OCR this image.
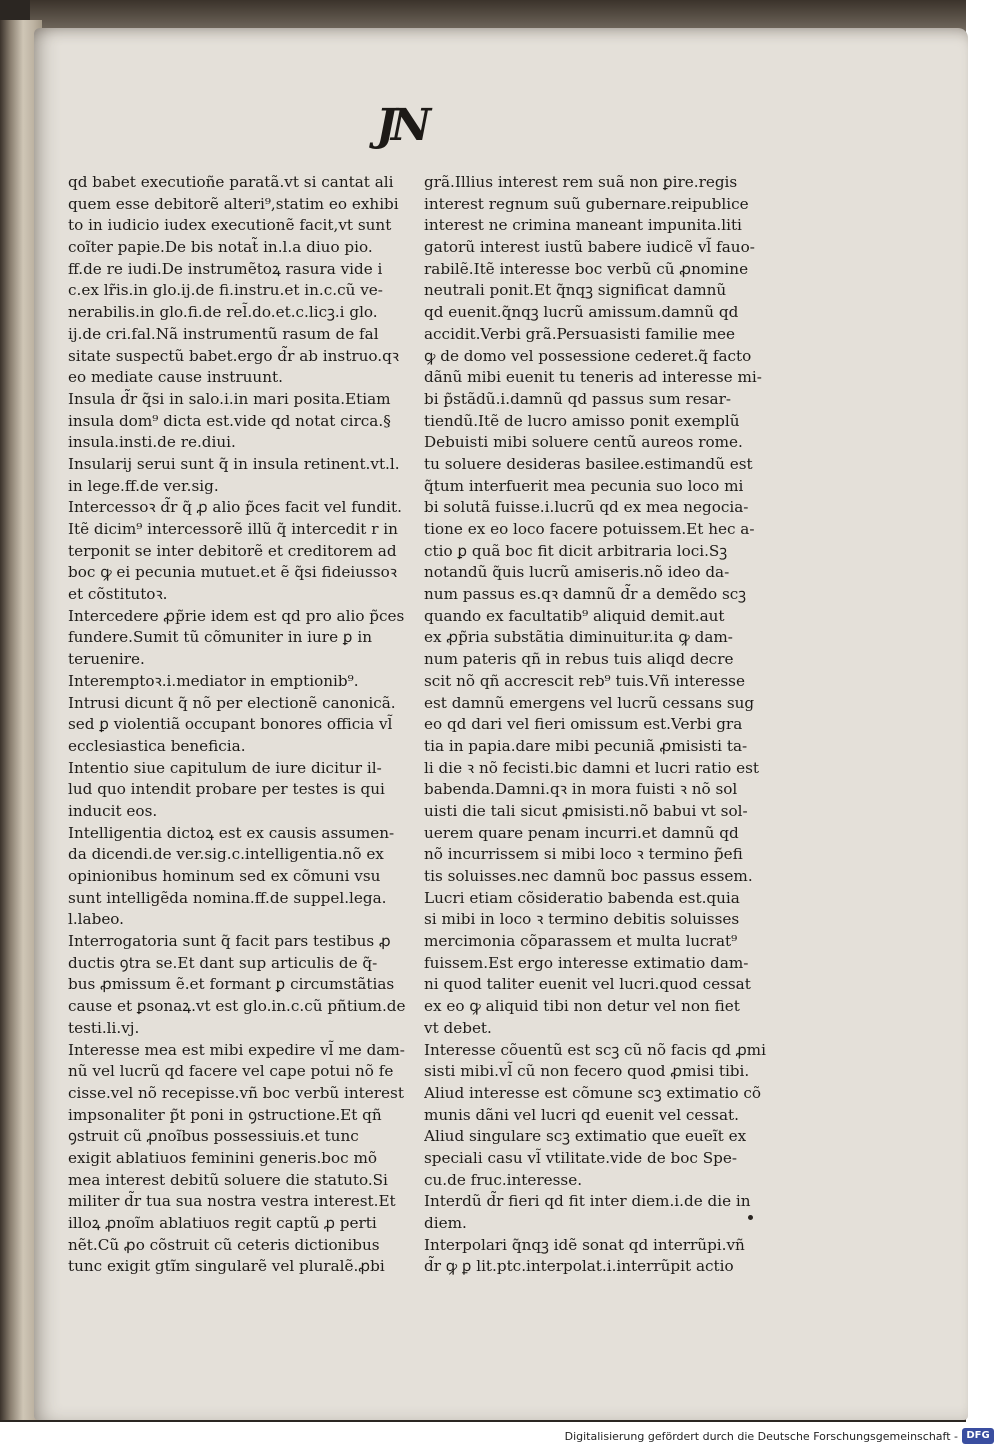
JN
qd babet executioñe paratã.vt si cantat ali
quem esse debitorẽ alteri⁹,statim eo exhibi
to in iudicio iudex executionẽ facit,vt sunt
coĩter papie.De bis notat̃ in.l.a diuo pio.
ff.de re iudi.De instrumẽtoꝝ rasura vide i
c.ex lr̃is.in glo.ij.de fi.instru.et in.c.cũ ve-
nerabilis.in glo.fi.de rel̃.do.et.c.licꝫ.i glo.
ij.de cri.fal.Nã instrumentũ rasum de fal
sitate suspectũ babet.ergo d̃r ab instruo.qꝛ
eo mediate cause instruunt.
Insula d̃r q̃si in salo.i.in mari posita.Etiam
insula dom⁹ dicta est.vide qd notat circa.§
insula.insti.de re.diui.
Insularij serui sunt q̃ in insula retinent.vt.l.
in lege.ff.de ver.sig.
Intercessoꝛ d̃r q̃ ꝓ alio p̃ces facit vel fundit.
Itẽ dicim⁹ intercessorẽ illũ q̃ intercedit r in
terponit se inter debitorẽ et creditorem ad
boc ꝙ ei pecunia mutuet.et ẽ q̃si fideiussoꝛ
et cõstitutoꝛ.
Intercedere ꝓp̃rie idem est qd pro alio p̃ces
fundere.Sumit tũ cõmuniter in iure ꝑ in
teruenire.
Interemptoꝛ.i.mediator in emptionib⁹.
Intrusi dicunt q̃ nõ per electionẽ canonicã.
sed ꝑ violentiã occupant bonores officia vl̃
ecclesiastica beneficia.
Intentio siue capitulum de iure dicitur il-
lud quo intendit probare per testes is qui
inducit eos.
Intelligentia dictoꝝ est ex causis assumen-
da dicendi.de ver.sig.c.intelligentia.nõ ex
opinionibus hominum sed ex cõmuni vsu
sunt intelligẽda nomina.ff.de suppel.lega.
l.labeo.
Interrogatoria sunt q̃ facit pars testibus ꝓ
ductis ꝯtra se.Et dant sup articulis de q̃-
bus ꝓmissum ẽ.et formant ꝑ circumstãtias
cause et ꝑsonaꝝ.vt est glo.in.c.cũ pñtium.de
testi.li.vj.
Interesse mea est mibi expedire vl̃ me dam-
nũ vel lucrũ qd facere vel cape potui nõ fe
cisse.vel nõ recepisse.vñ boc verbũ interest
impsonaliter p̃t poni in ꝯstructione.Et qñ
ꝯstruit cũ ꝓnoĩbus possessiuis.et tunc
exigit ablatiuos feminini generis.boc mõ
mea interest debitũ soluere die statuto.Si
militer d̃r tua sua nostra vestra interest.Et
illoꝝ ꝓnoĩm ablatiuos regit captũ ꝓ perti
nẽt.Cũ ꝓo cõstruit cũ ceteris dictionibus
tunc exigit gtĩm singularẽ vel pluralẽ.ꝓbi
grã.Illius interest rem suã non ꝑire.regis
interest regnum suũ gubernare.reipublice
interest ne crimina maneant impunita.liti
gatorũ interest iustũ babere iudicẽ vl̃ fauo-
rabilẽ.Itẽ interesse boc verbũ cũ ꝓnomine
neutrali ponit.Et q̃nqꝫ significat damnũ
qd euenit.q̃nqꝫ lucrũ amissum.damnũ qd
accidit.Verbi grã.Persuasisti familie mee
ꝙ de domo vel possessione cederet.q̃ facto
dãnũ mibi euenit tu teneris ad interesse mi-
bi p̃stãdũ.i.damnũ qd passus sum resar-
tiendũ.Itẽ de lucro amisso ponit exemplũ
Debuisti mibi soluere centũ aureos rome.
tu soluere desideras basilee.estimandũ est
q̃tum interfuerit mea pecunia suo loco mi
bi solutã fuisse.i.lucrũ qd ex mea negocia-
tione ex eo loco facere potuissem.Et hec a-
ctio ꝑ quã boc fit dicit arbitraria loci.Sꝫ
notandũ q̃uis lucrũ amiseris.nõ ideo da-
num passus es.qꝛ damnũ d̃r a demẽdo scꝫ
quando ex facultatib⁹ aliquid demit.aut
ex ꝓp̃ria substãtia diminuitur.ita ꝙ dam-
num pateris qñ in rebus tuis aliqd decre
scit nõ qñ accrescit reb⁹ tuis.Vñ interesse
est damnũ emergens vel lucrũ cessans sug
eo qd dari vel fieri omissum est.Verbi gra
tia in papia.dare mibi pecuniã ꝓmisisti ta-
li die ꝛ nõ fecisti.bic damni et lucri ratio est
babenda.Damni.qꝛ in mora fuisti ꝛ nõ sol
uisti die tali sicut ꝓmisisti.nõ babui vt sol-
uerem quare penam incurri.et damnũ qd
nõ incurrissem si mibi loco ꝛ termino p̃efi
tis soluisses.nec damnũ boc passus essem.
Lucri etiam cõsideratio babenda est.quia
si mibi in loco ꝛ termino debitis soluisses
mercimonia cõparassem et multa lucrat⁹
fuissem.Est ergo interesse extimatio dam-
ni quod taliter euenit vel lucri.quod cessat
ex eo ꝙ aliquid tibi non detur vel non fiet
vt debet.
Interesse cõuentũ est scꝫ cũ nõ facis qd ꝓmi
sisti mibi.vl̃ cũ non fecero quod ꝓmisi tibi.
Aliud interesse est cõmune scꝫ extimatio cõ
munis dãni vel lucri qd euenit vel cessat.
Aliud singulare scꝫ extimatio que eueĩt ex
speciali casu vl̃ vtilitate.vide de boc Spe-
cu.de fruc.interesse.
Interdũ d̃r fieri qd fit inter diem.i.de die in
diem.
Interpolari q̃nqꝫ idẽ sonat qd interrũpi.vñ
d̃r ꝙ ꝑ lit.ptc.interpolat.i.interrũpit actio
Digitalisierung gefördert durch die Deutsche Forschungsgemeinschaft - DFG
